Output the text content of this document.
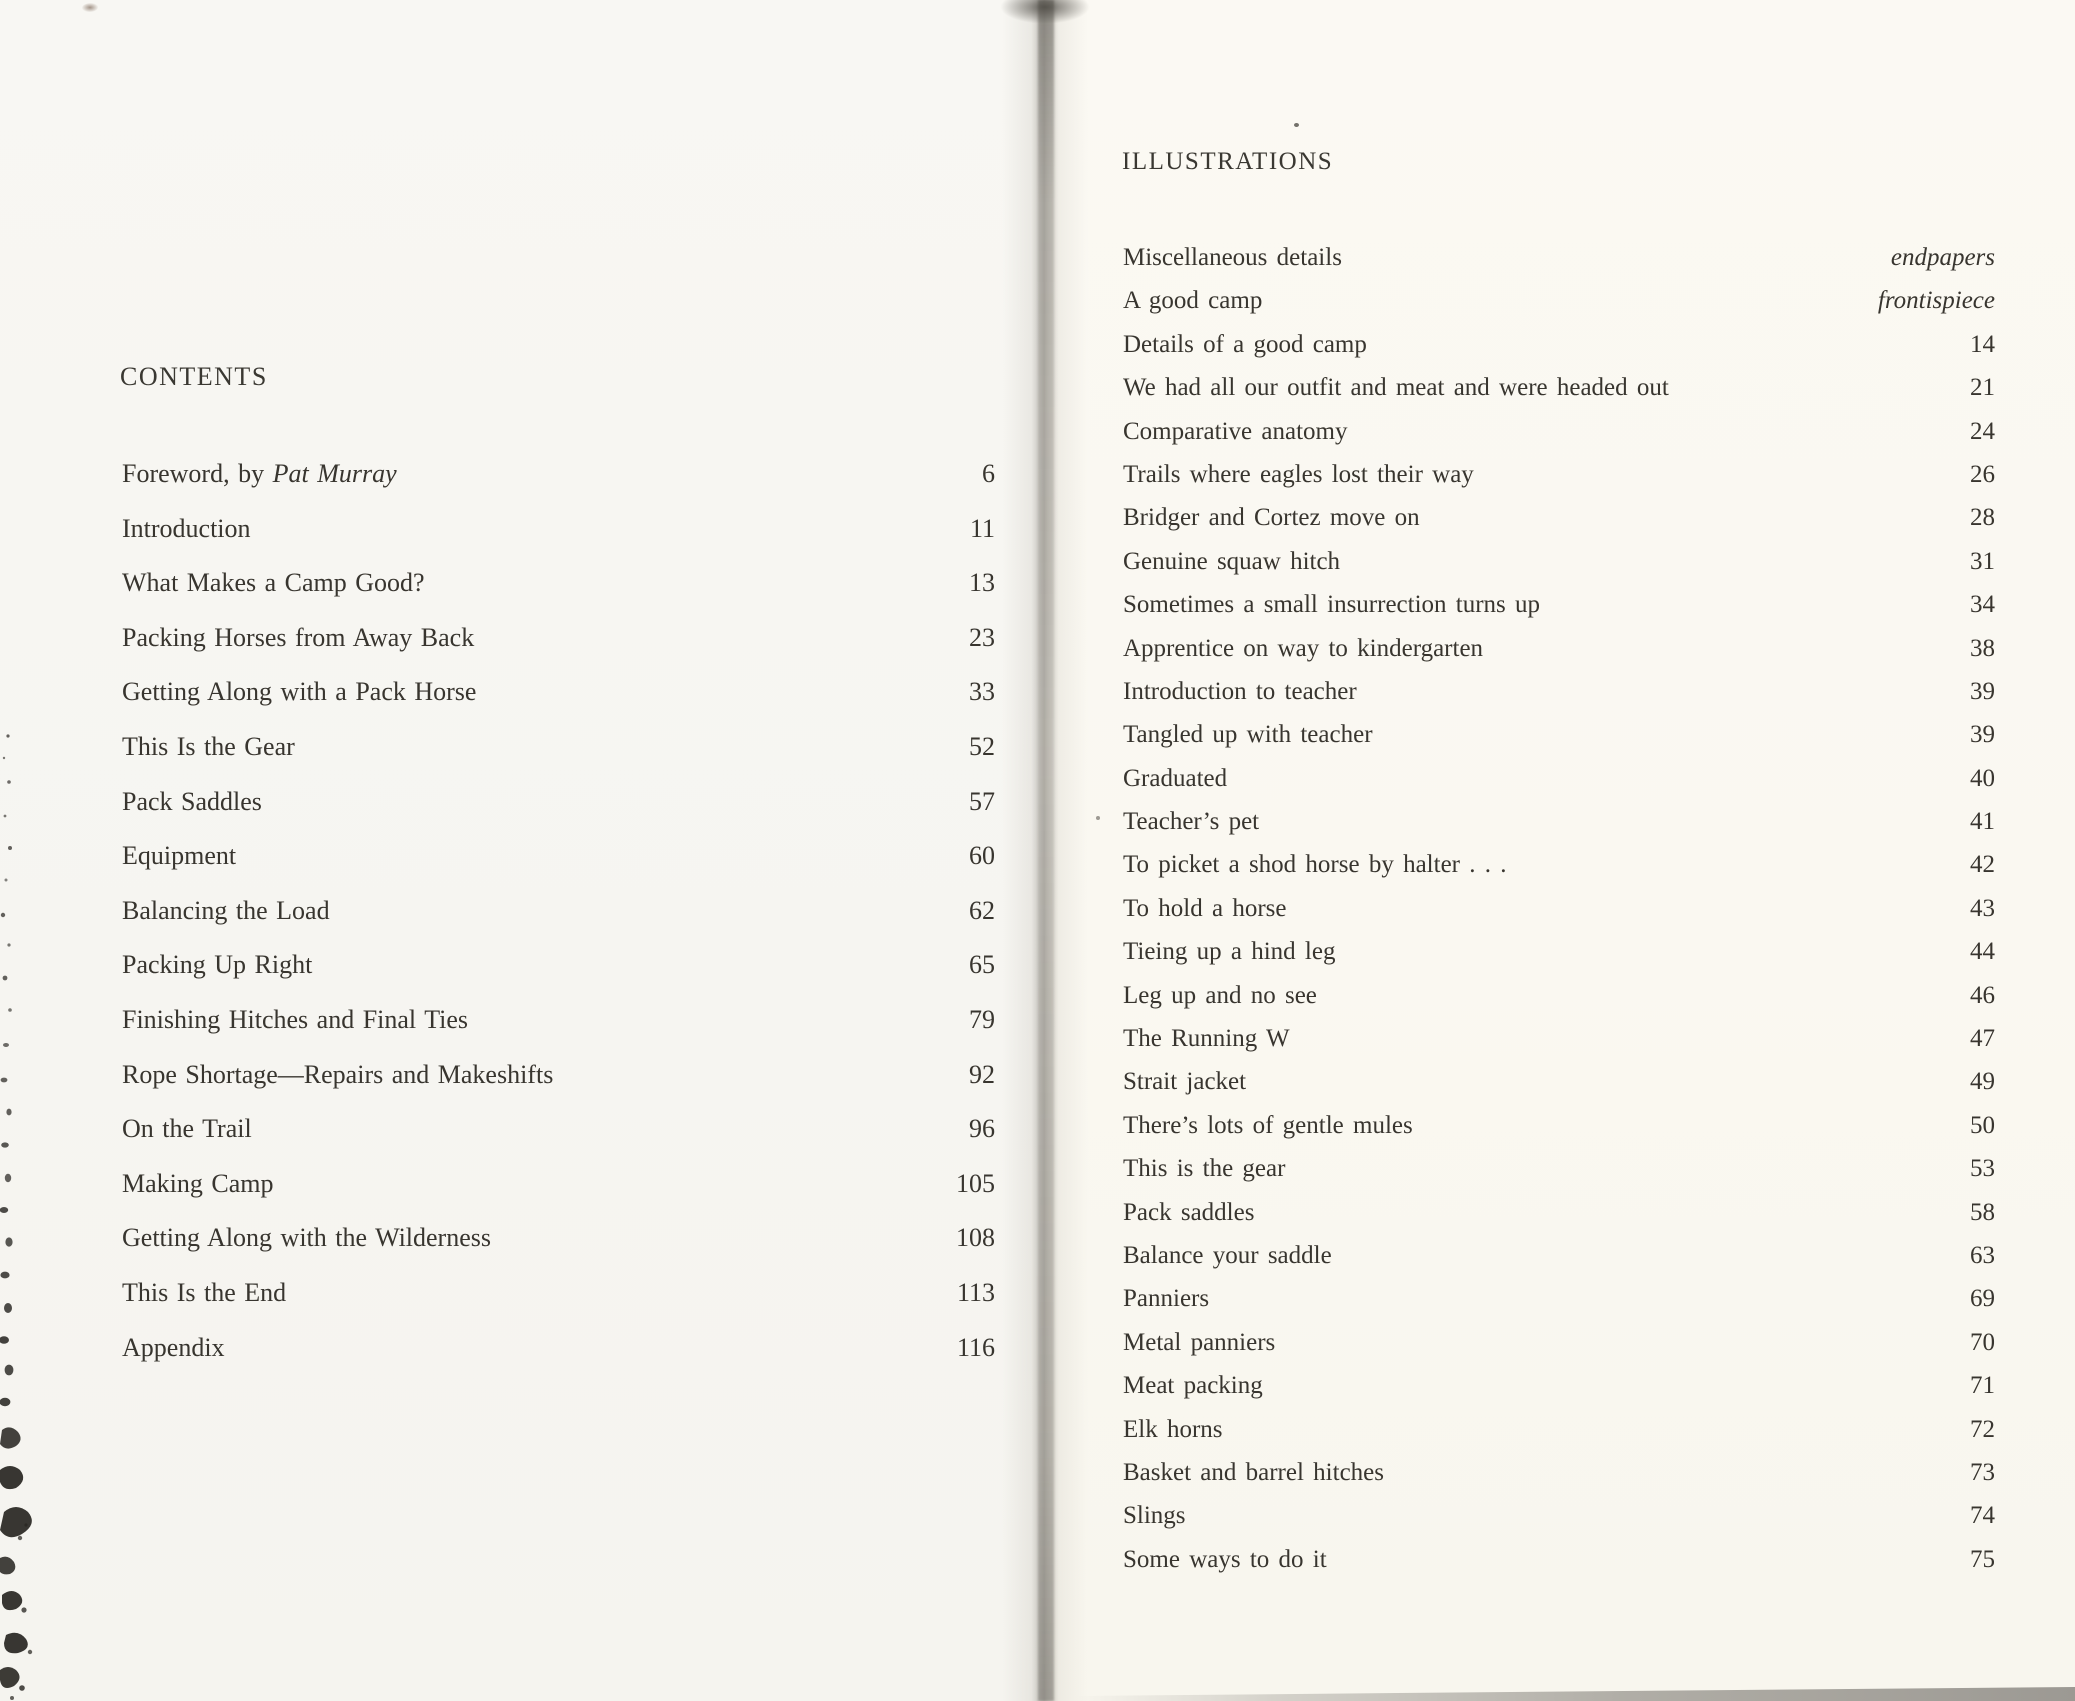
CONTENTS
Foreword, by Pat Murray	6
Introduction	11
What Makes a Camp Good?	13
Packing Horses from Away Back	23
Getting Along with a Pack Horse	33
This Is the Gear	52
Pack Saddles	57
Equipment	60
Balancing the Load	62
Packing Up Right	65
Finishing Hitches and Final Ties	79
Rope Shortage—Repairs and Makeshifts	92
On the Trail	96
Making Camp	105
Getting Along with the Wilderness	108
This Is the End	113
Appendix	116
ILLUSTRATIONS
Miscellaneous details	endpapers
A good camp	frontispiece
Details of a good camp	14
We had all our outfit and meat and were headed out	21
Comparative anatomy	24
Trails where eagles lost their way	26
Bridger and Cortez move on	28
Genuine squaw hitch	31
Sometimes a small insurrection turns up	34
Apprentice on way to kindergarten	38
Introduction to teacher	39
Tangled up with teacher	39
Graduated	40
Teacher’s pet	41
To picket a shod horse by halter . . .	42
To hold a horse	43
Tieing up a hind leg	44
Leg up and no see	46
The Running W	47
Strait jacket	49
There’s lots of gentle mules	50
This is the gear	53
Pack saddles	58
Balance your saddle	63
Panniers	69
Metal panniers	70
Meat packing	71
Elk horns	72
Basket and barrel hitches	73
Slings	74
Some ways to do it	75
